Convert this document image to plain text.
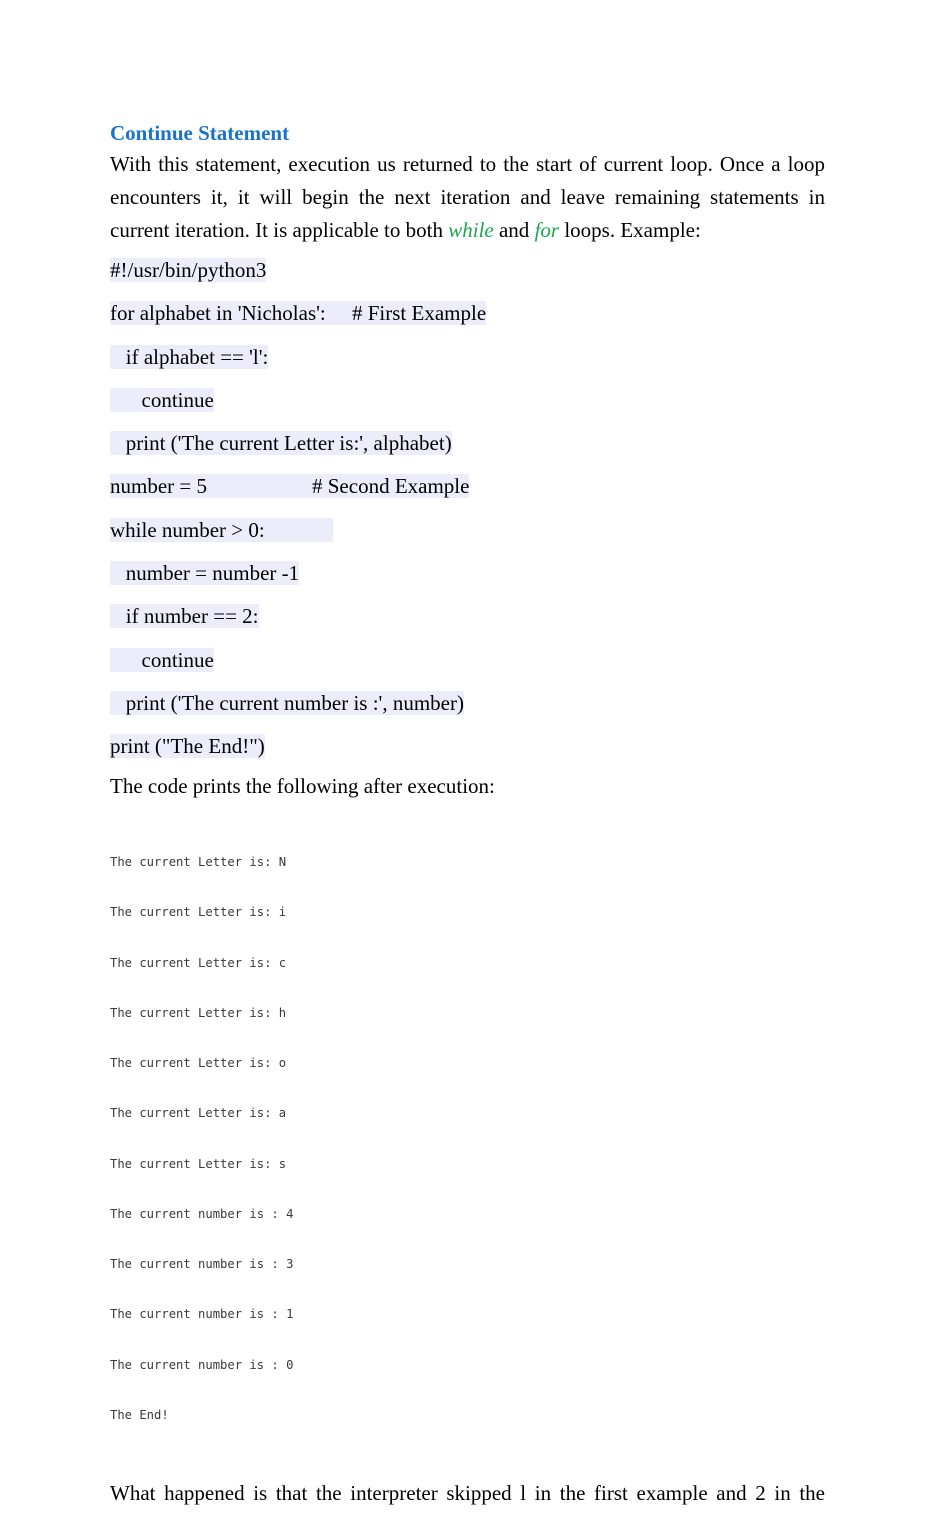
Continue Statement

With this statement, execution us returned to the start of current loop. Once a loop encounters it, it will begin the next iteration and leave remaining statements in current iteration. It is applicable to both while and for loops. Example:

#!/usr/bin/python3
for alphabet in 'Nicholas':     # First Example
if alphabet == 'l':
continue
print ('The current Letter is:', alphabet)
number = 5                    # Second Example
while number > 0:
number = number -1
if number == 2:
continue
print ('The current number is :', number)
print ("The End!")

The code prints the following after execution:

The current Letter is: N

The current Letter is: i

The current Letter is: c

The current Letter is: h

The current Letter is: o

The current Letter is: a

The current Letter is: s

The current number is : 4

The current number is : 3

The current number is : 1

The current number is : 0

The End!

What happened is that the interpreter skipped l in the first example and 2 in the
